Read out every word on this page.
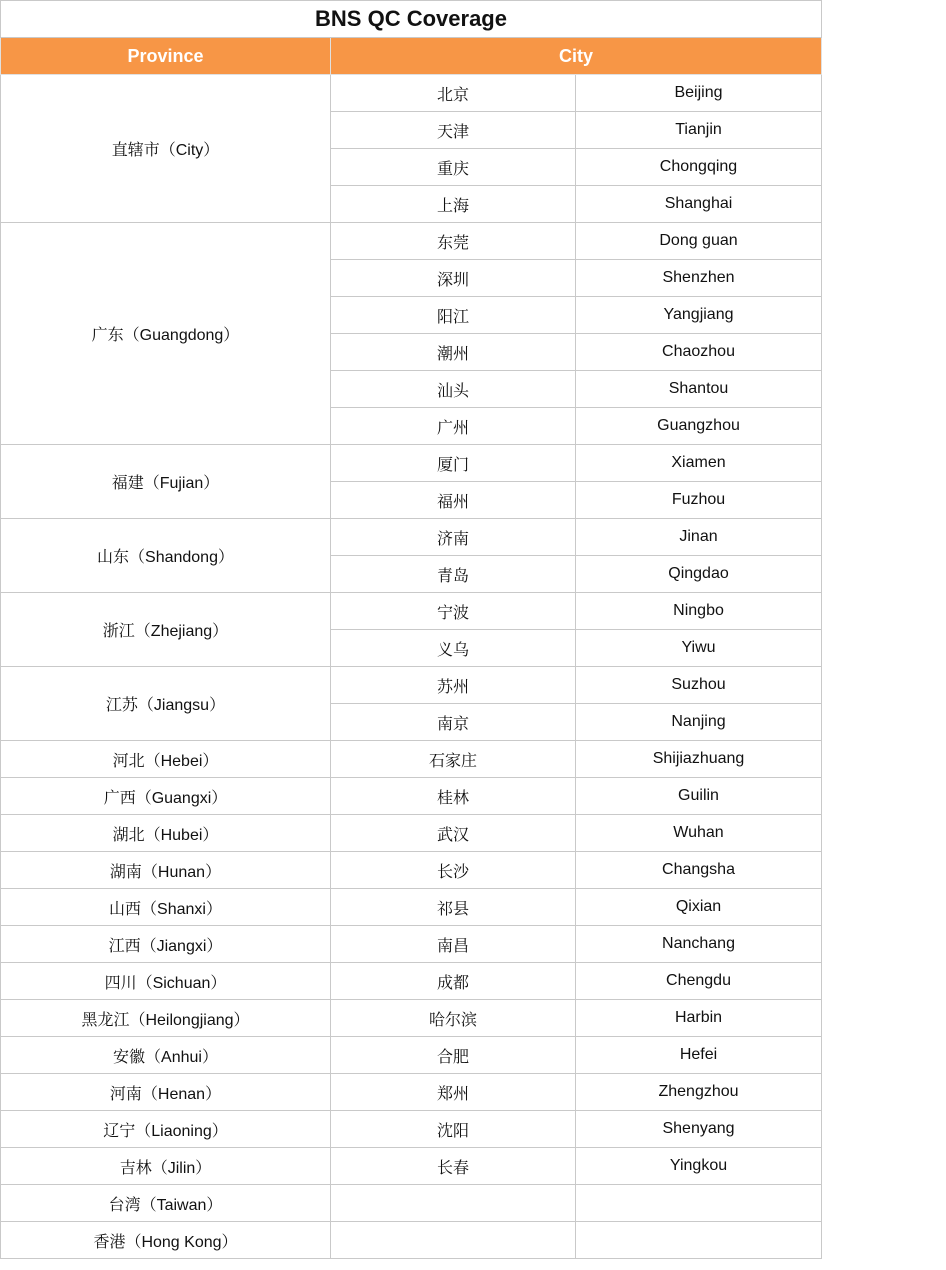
BNS QC Coverage		
Province	City	
直辖市（City）	北京	Beijing
	天津	Tianjin
	重庆	Chongqing
	上海	Shanghai
广东（Guangdong）	东莞	Dong guan
	深圳	Shenzhen
	阳江	Yangjiang
	潮州	Chaozhou
	汕头	Shantou
	广州	Guangzhou
福建（Fujian）	厦门	Xiamen
	福州	Fuzhou
山东（Shandong）	济南	Jinan
	青岛	Qingdao
浙江（Zhejiang）	宁波	Ningbo
	义乌	Yiwu
江苏（Jiangsu）	苏州	Suzhou
	南京	Nanjing
河北（Hebei）	石家庄	Shijiazhuang
广西（Guangxi）	桂林	Guilin
湖北（Hubei）	武汉	Wuhan
湖南（Hunan）	长沙	Changsha
山西（Shanxi）	祁县	Qixian
江西（Jiangxi）	南昌	Nanchang
四川（Sichuan）	成都	Chengdu
黑龙江（Heilongjiang）	哈尔滨	Harbin
安徽（Anhui）	合肥	Hefei
河南（Henan）	郑州	Zhengzhou
辽宁（Liaoning）	沈阳	Shenyang
吉林（Jilin）	长春	Yingkou
台湾（Taiwan）		
香港（Hong Kong）		
